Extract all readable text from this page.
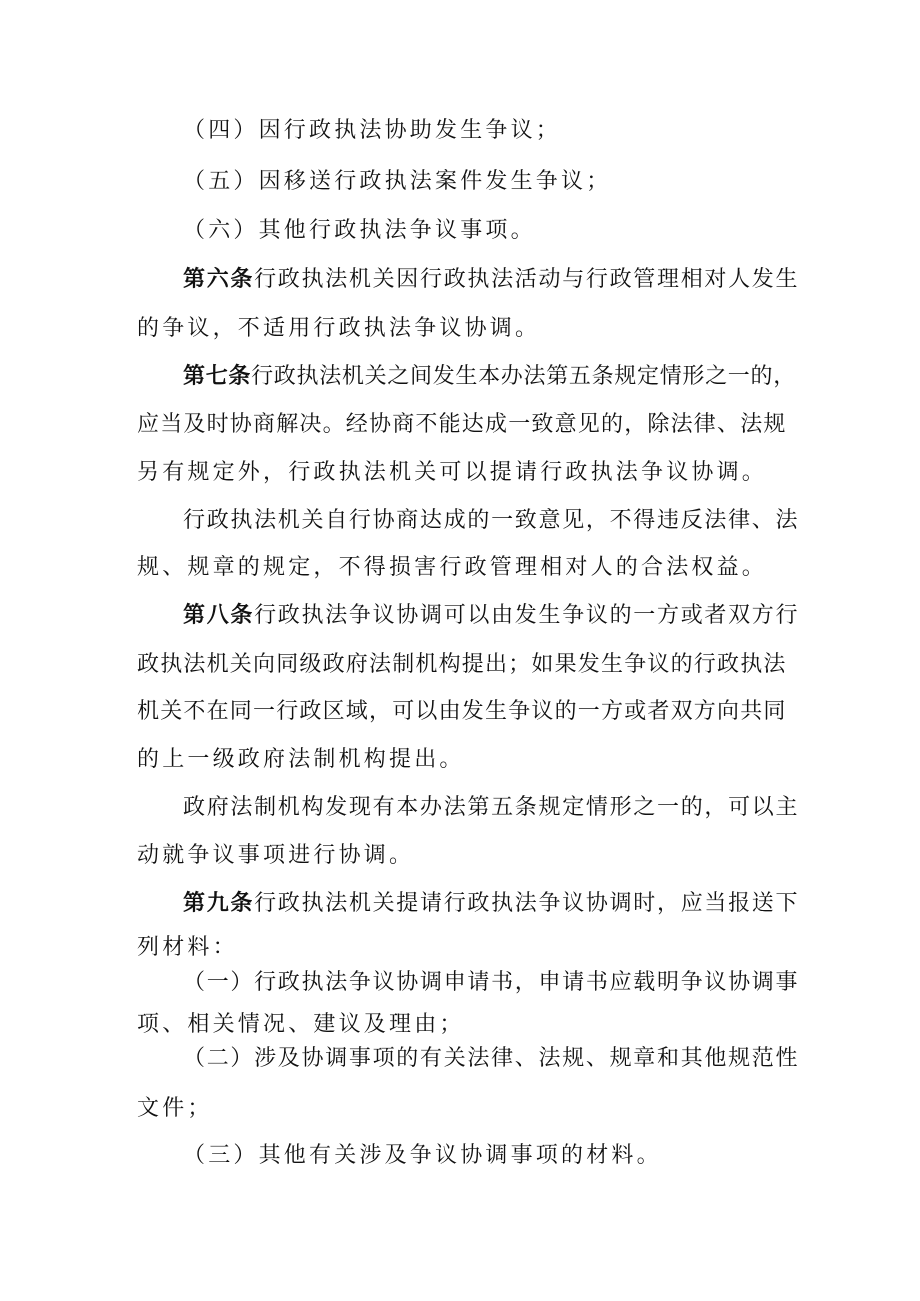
（四）因行政执法协助发生争议；
（五）因移送行政执法案件发生争议；
（六）其他行政执法争议事项。
第六条行政执法机关因行政执法活动与行政管理相对人发生
的争议，不适用行政执法争议协调。
第七条行政执法机关之间发生本办法第五条规定情形之一的，
应当及时协商解决。经协商不能达成一致意见的，除法律、法规
另有规定外，行政执法机关可以提请行政执法争议协调。
行政执法机关自行协商达成的一致意见，不得违反法律、法
规、规章的规定，不得损害行政管理相对人的合法权益。
第八条行政执法争议协调可以由发生争议的一方或者双方行
政执法机关向同级政府法制机构提出；如果发生争议的行政执法
机关不在同一行政区域，可以由发生争议的一方或者双方向共同
的上一级政府法制机构提出。
政府法制机构发现有本办法第五条规定情形之一的，可以主
动就争议事项进行协调。
第九条行政执法机关提请行政执法争议协调时，应当报送下
列材料：
（一）行政执法争议协调申请书，申请书应载明争议协调事
项、相关情况、建议及理由；
（二）涉及协调事项的有关法律、法规、规章和其他规范性
文件；
（三）其他有关涉及争议协调事项的材料。
